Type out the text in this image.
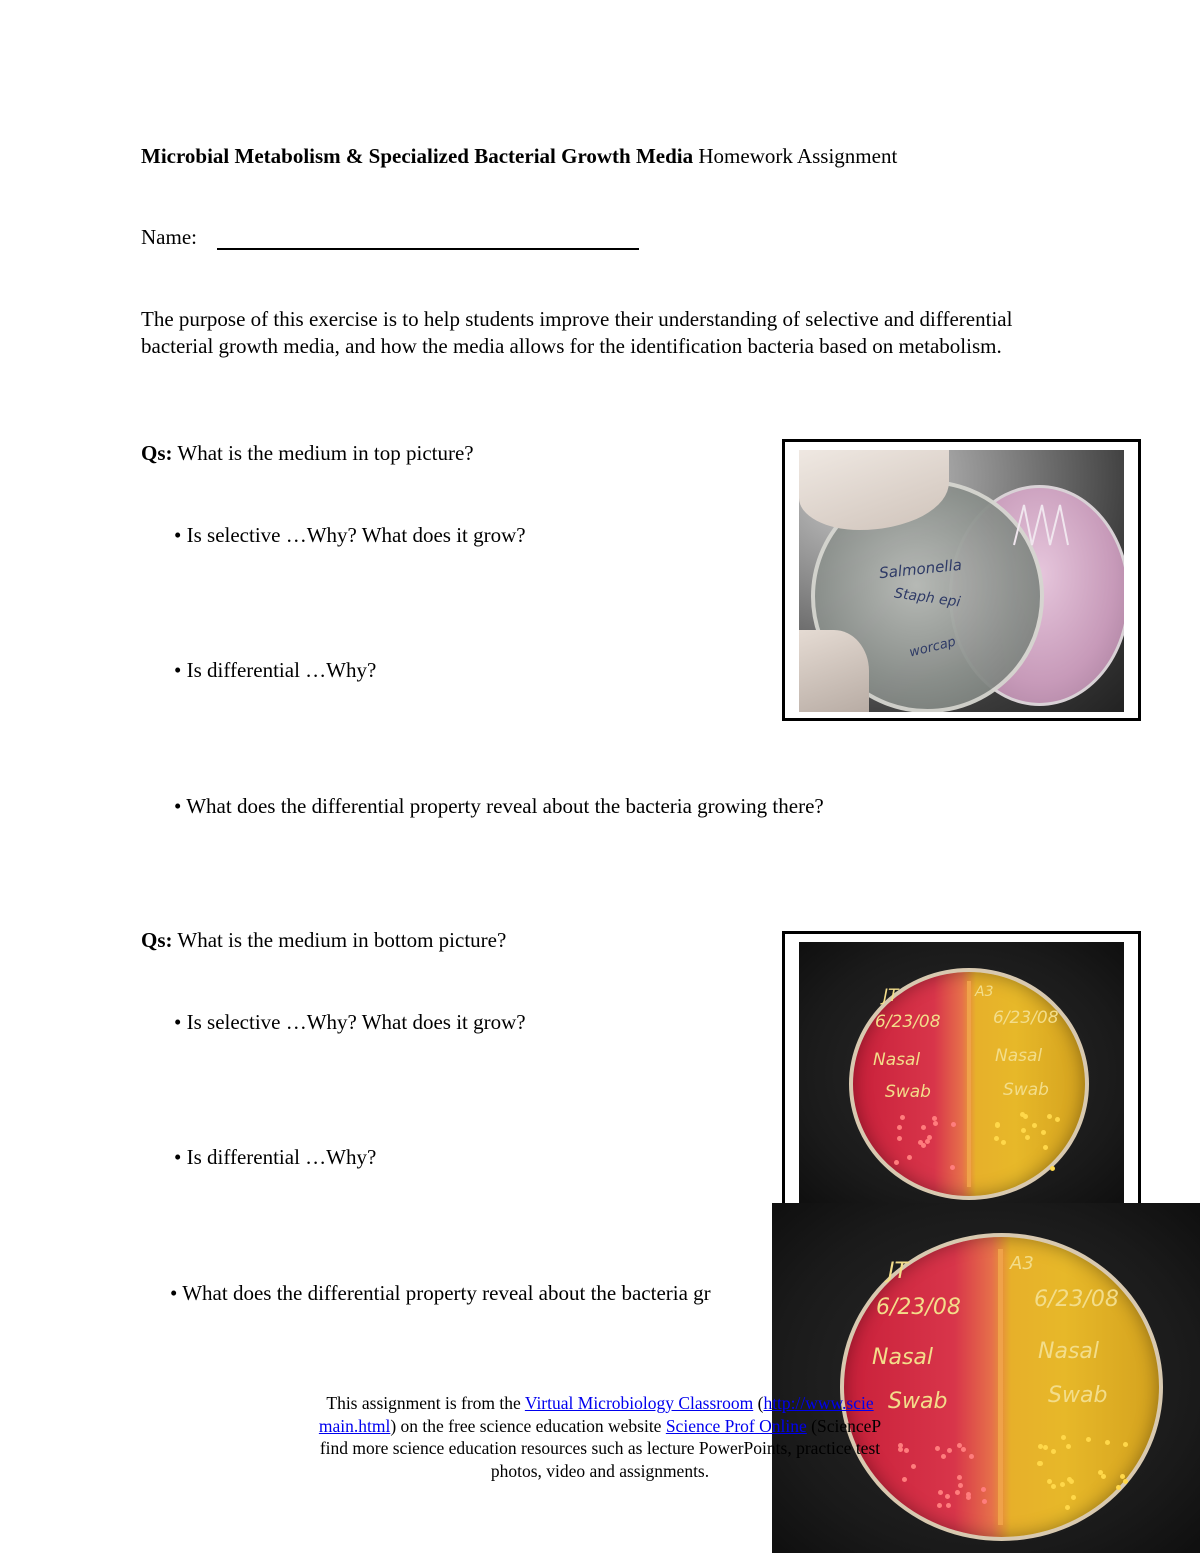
Microbial Metabolism & Specialized Bacterial Growth Media Homework Assignment
Name:
The purpose of this exercise is to help students improve their understanding of selective and differential bacterial growth media, and how the media allows for the identification bacteria based on metabolism.
Qs: What is the medium in top picture?
• Is selective …Why? What does it grow?
• Is differential …Why?
• What does the differential property reveal about the bacteria growing there?
Salmonella
Staph epi
worcap
Qs: What is the medium in bottom picture?
• Is selective …Why? What does it grow?
• Is differential …Why?
• What does the differential property reveal about the bacteria gr
JT
6/23/08
Nasal
Swab
A3
6/23/08
Nasal
Swab
JT
6/23/08
Nasal
Swab
A3
6/23/08
Nasal
Swab
This assignment is from the Virtual Microbiology Classroom (http://www.scie
main.html) on the free science education website Science Prof Online (ScienceP
find more science education resources such as lecture PowerPoints, practice test
photos, video and assignments.
